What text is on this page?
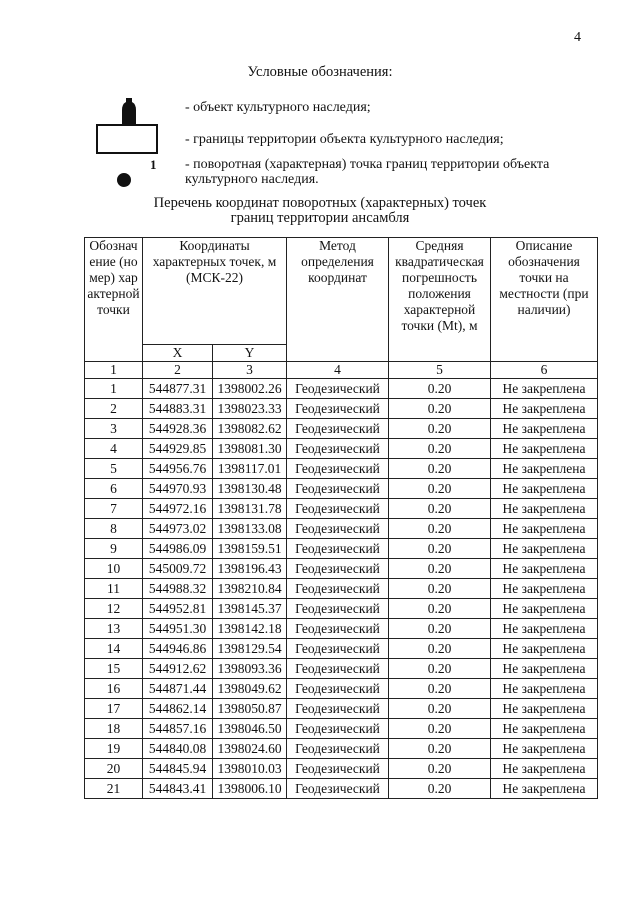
4
Условные обозначения:
- объект культурного наследия;
- границы территории объекта культурного наследия;
1 - поворотная (характерная) точка границ территории объекта культурного наследия.
Перечень координат поворотных (характерных) точек
границ территории ансамбля
Обозначение (номер) характерной точки	Координаты характерных точек, м (МСК-22)		Метод определения координат	Средняя квадратическая погрешность положения характерной точки (Mt), м	Описание обозначения точки на местности (при наличии)
	X	Y			
1	2	3	4	5	6
1	544877.31	1398002.26	Геодезический	0.20	Не закреплена
2	544883.31	1398023.33	Геодезический	0.20	Не закреплена
3	544928.36	1398082.62	Геодезический	0.20	Не закреплена
4	544929.85	1398081.30	Геодезический	0.20	Не закреплена
5	544956.76	1398117.01	Геодезический	0.20	Не закреплена
6	544970.93	1398130.48	Геодезический	0.20	Не закреплена
7	544972.16	1398131.78	Геодезический	0.20	Не закреплена
8	544973.02	1398133.08	Геодезический	0.20	Не закреплена
9	544986.09	1398159.51	Геодезический	0.20	Не закреплена
10	545009.72	1398196.43	Геодезический	0.20	Не закреплена
11	544988.32	1398210.84	Геодезический	0.20	Не закреплена
12	544952.81	1398145.37	Геодезический	0.20	Не закреплена
13	544951.30	1398142.18	Геодезический	0.20	Не закреплена
14	544946.86	1398129.54	Геодезический	0.20	Не закреплена
15	544912.62	1398093.36	Геодезический	0.20	Не закреплена
16	544871.44	1398049.62	Геодезический	0.20	Не закреплена
17	544862.14	1398050.87	Геодезический	0.20	Не закреплена
18	544857.16	1398046.50	Геодезический	0.20	Не закреплена
19	544840.08	1398024.60	Геодезический	0.20	Не закреплена
20	544845.94	1398010.03	Геодезический	0.20	Не закреплена
21	544843.41	1398006.10	Геодезический	0.20	Не закреплена
